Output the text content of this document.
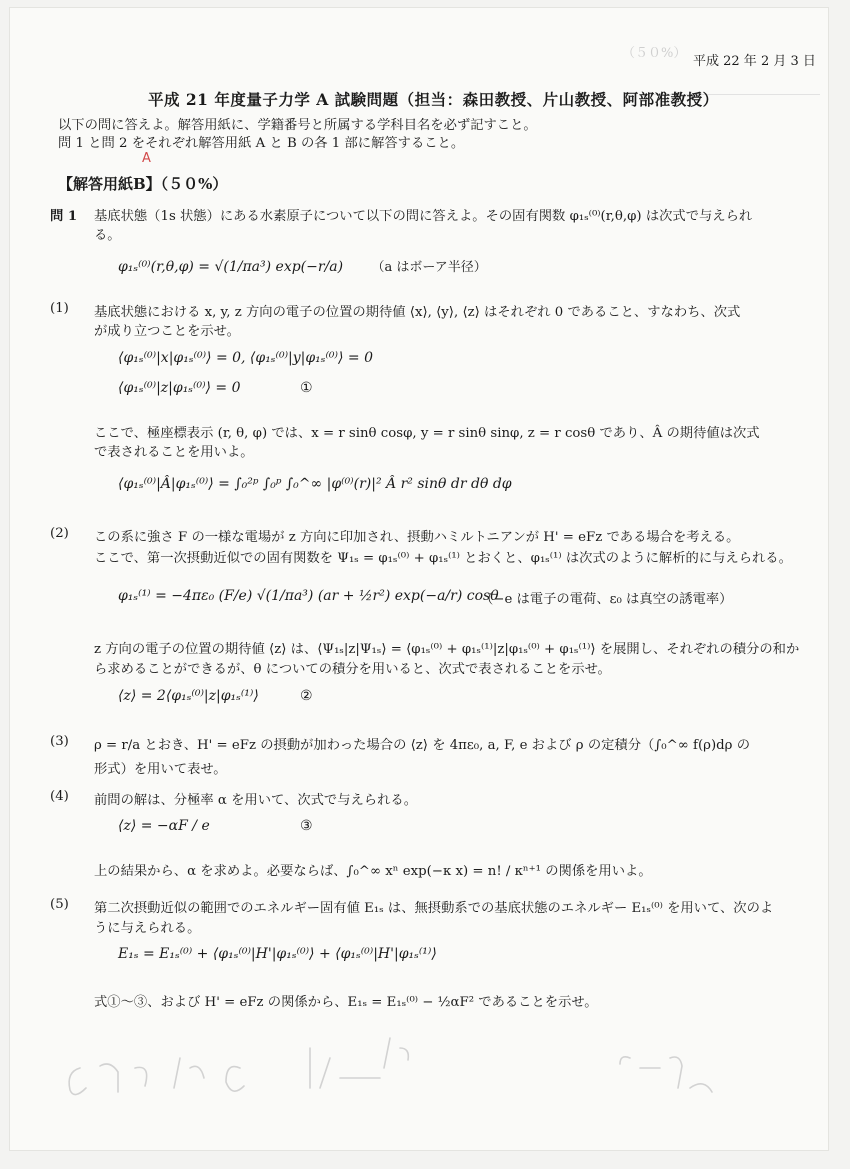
（５０%）
平成 22 年 2 月 3 日
平成 21 年度量子力学 A 試験問題（担当：森田教授、片山教授、阿部准教授）
以下の問に答えよ。解答用紙に、学籍番号と所属する学科目名を必ず記すこと。
問 1 と問 2 をそれぞれ解答用紙 A と B の各 1 部に解答すること。
A
【解答用紙B】（５０%）
問 1 基底状態（1s 状態）にある水素原子について以下の問に答えよ。その固有関数 φ₁ₛ⁽⁰⁾(r,θ,φ) は次式で与えられ
る。
φ₁ₛ⁽⁰⁾(r,θ,φ) = √(1/πa³) exp(−r/a) （a はボーア半径）
(1) 基底状態における x, y, z 方向の電子の位置の期待値 ⟨x⟩, ⟨y⟩, ⟨z⟩ はそれぞれ 0 であること、すなわち、次式
が成り立つことを示せ。
⟨φ₁ₛ⁽⁰⁾|x|φ₁ₛ⁽⁰⁾⟩ = 0, ⟨φ₁ₛ⁽⁰⁾|y|φ₁ₛ⁽⁰⁾⟩ = 0
⟨φ₁ₛ⁽⁰⁾|z|φ₁ₛ⁽⁰⁾⟩ = 0	①
ここで、極座標表示 (r, θ, φ) では、x = r sinθ cosφ, y = r sinθ sinφ, z = r cosθ であり、Â の期待値は次式
で表されることを用いよ。
⟨φ₁ₛ⁽⁰⁾|Â|φ₁ₛ⁽⁰⁾⟩ = ∫₀²ᵖ ∫₀ᵖ ∫₀^∞ |φ⁽⁰⁾(r)|² Â r² sinθ dr dθ dφ
(2) この系に強さ F の一様な電場が z 方向に印加され、摂動ハミルトニアンが H' = eFz である場合を考える。
ここで、第一次摂動近似での固有関数を Ψ₁ₛ = φ₁ₛ⁽⁰⁾ + φ₁ₛ⁽¹⁾ とおくと、φ₁ₛ⁽¹⁾ は次式のように解析的に与えられる。
φ₁ₛ⁽¹⁾ = −4πε₀ (F/e) √(1/πa³) (ar + ½r²) exp(−a/r) cosθ
（−e は電子の電荷、ε₀ は真空の誘電率）
z 方向の電子の位置の期待値 ⟨z⟩ は、⟨Ψ₁ₛ|z|Ψ₁ₛ⟩ = ⟨φ₁ₛ⁽⁰⁾ + φ₁ₛ⁽¹⁾|z|φ₁ₛ⁽⁰⁾ + φ₁ₛ⁽¹⁾⟩ を展開し、それぞれの積分の和か
ら求めることができるが、θ についての積分を用いると、次式で表されることを示せ。
⟨z⟩ = 2⟨φ₁ₛ⁽⁰⁾|z|φ₁ₛ⁽¹⁾⟩	②
(3) ρ = r/a とおき、H' = eFz の摂動が加わった場合の ⟨z⟩ を 4πε₀, a, F, e および ρ の定積分（∫₀^∞ f(ρ)dρ の
形式）を用いて表せ。
(4) 前問の解は、分極率 α を用いて、次式で与えられる。
⟨z⟩ = −αF / e	③
上の結果から、α を求めよ。必要ならば、∫₀^∞ xⁿ exp(−κ x) = n! / κⁿ⁺¹ の関係を用いよ。
(5) 第二次摂動近似の範囲でのエネルギー固有値 E₁ₛ は、無摂動系での基底状態のエネルギー E₁ₛ⁽⁰⁾ を用いて、次のよ
うに与えられる。
E₁ₛ = E₁ₛ⁽⁰⁾ + ⟨φ₁ₛ⁽⁰⁾|H'|φ₁ₛ⁽⁰⁾⟩ + ⟨φ₁ₛ⁽⁰⁾|H'|φ₁ₛ⁽¹⁾⟩
式①〜③、および H' = eFz の関係から、E₁ₛ = E₁ₛ⁽⁰⁾ − ½αF² であることを示せ。
